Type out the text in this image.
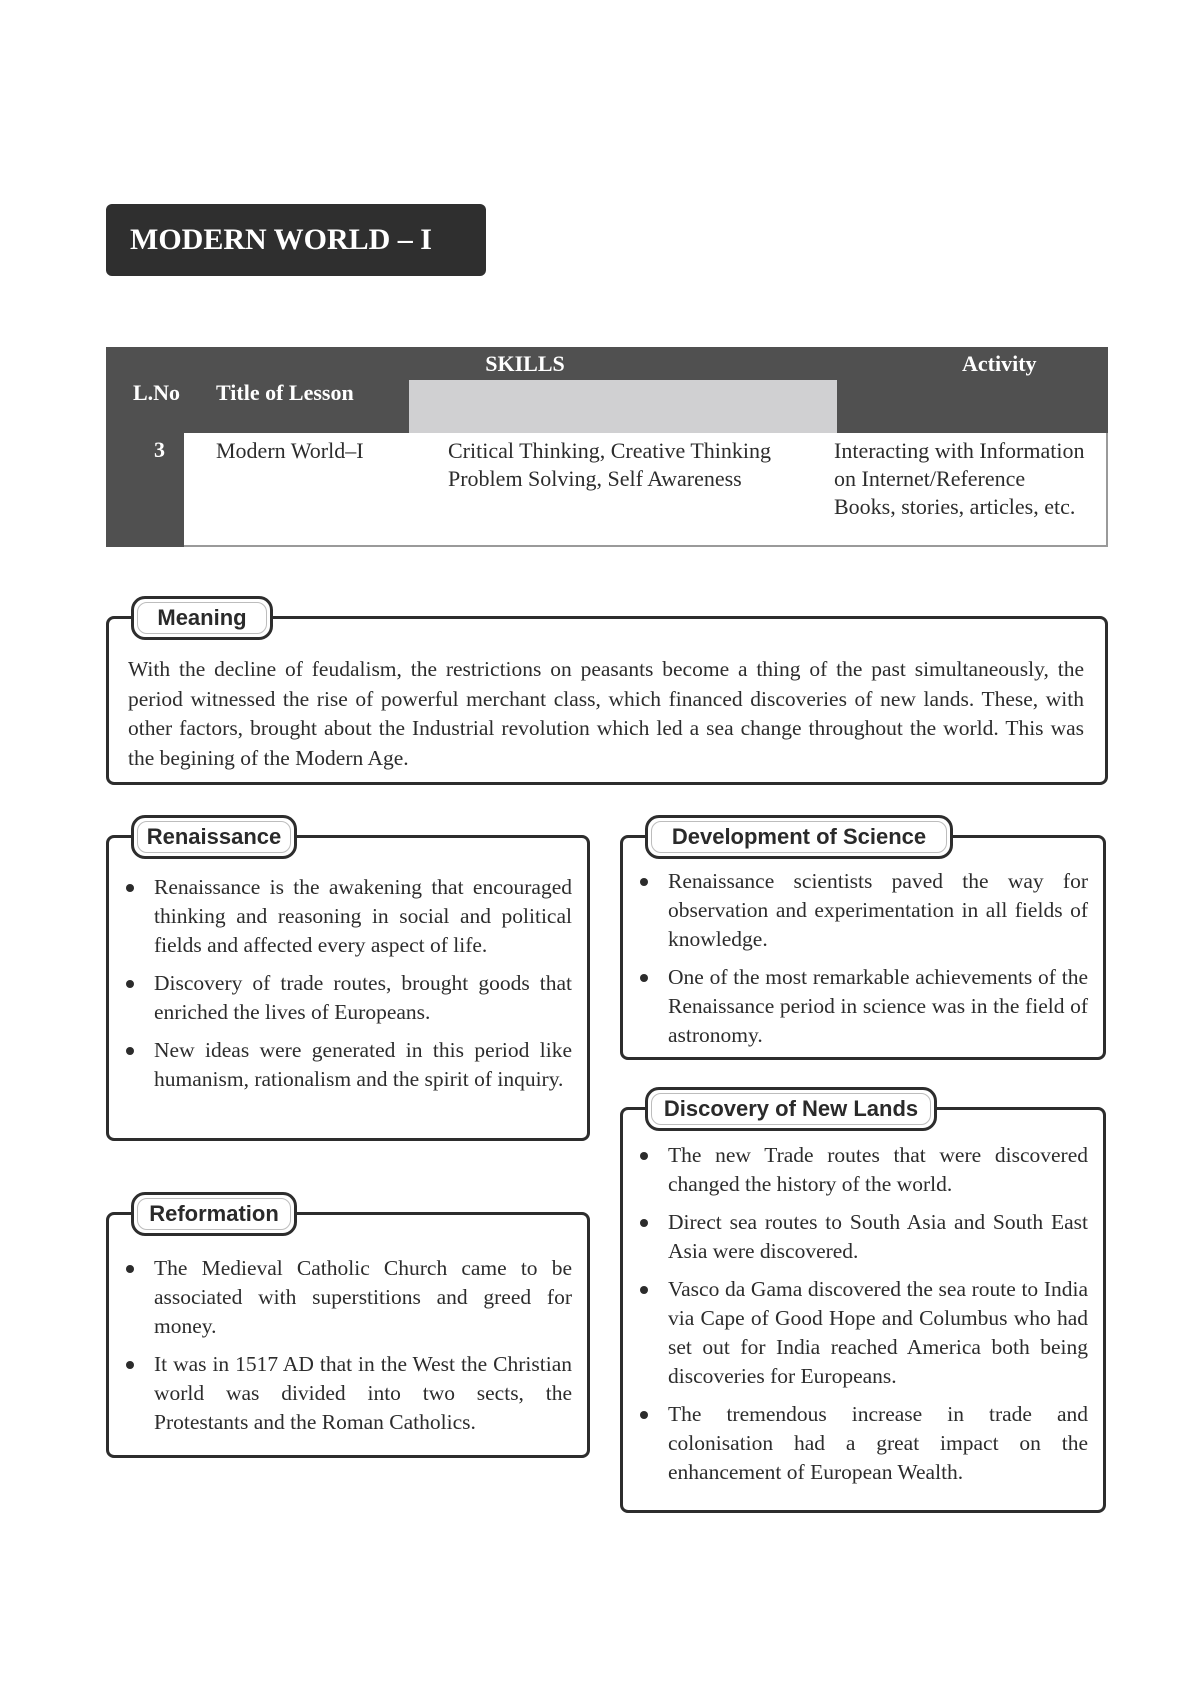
MODERN WORLD – I
SKILLS	Activity
L.No Title of Lesson
3 Modern World–I	Critical Thinking, Creative Thinking
Problem Solving, Self Awareness
Interacting with Information
on Internet/Reference
Books, stories, articles, etc.
Meaning
With the decline of feudalism, the restrictions on peasants become a thing of the past simultaneously, the period witnessed the rise of powerful merchant class, which financed discoveries of new lands. These, with other factors, brought about the Industrial revolution which led a sea change throughout the world. This was the begining of the Modern Age.
Renaissance
Renaissance is the awakening that encouraged thinking and reasoning in social and political fields and affected every aspect of life.
Discovery of trade routes, brought goods that enriched the lives of Europeans.
New ideas were generated in this period like humanism, rationalism and the spirit of inquiry.
Reformation
The Medieval Catholic Church came to be associated with superstitions and greed for money.
It was in 1517 AD that in the West the Christian world was divided into two sects, the Protestants and the Roman Catholics.
Development of Science
Renaissance scientists paved the way for observation and experimentation in all fields of knowledge.
One of the most remarkable achievements of the Renaissance period in science was in the field of astronomy.
Discovery of New Lands
The new Trade routes that were discovered changed the history of the world.
Direct sea routes to South Asia and South East Asia were discovered.
Vasco da Gama discovered the sea route to India via Cape of Good Hope and Columbus who had set out for India reached America both being discoveries for Europeans.
The tremendous increase in trade and colonisation had a great impact on the enhancement of European Wealth.
